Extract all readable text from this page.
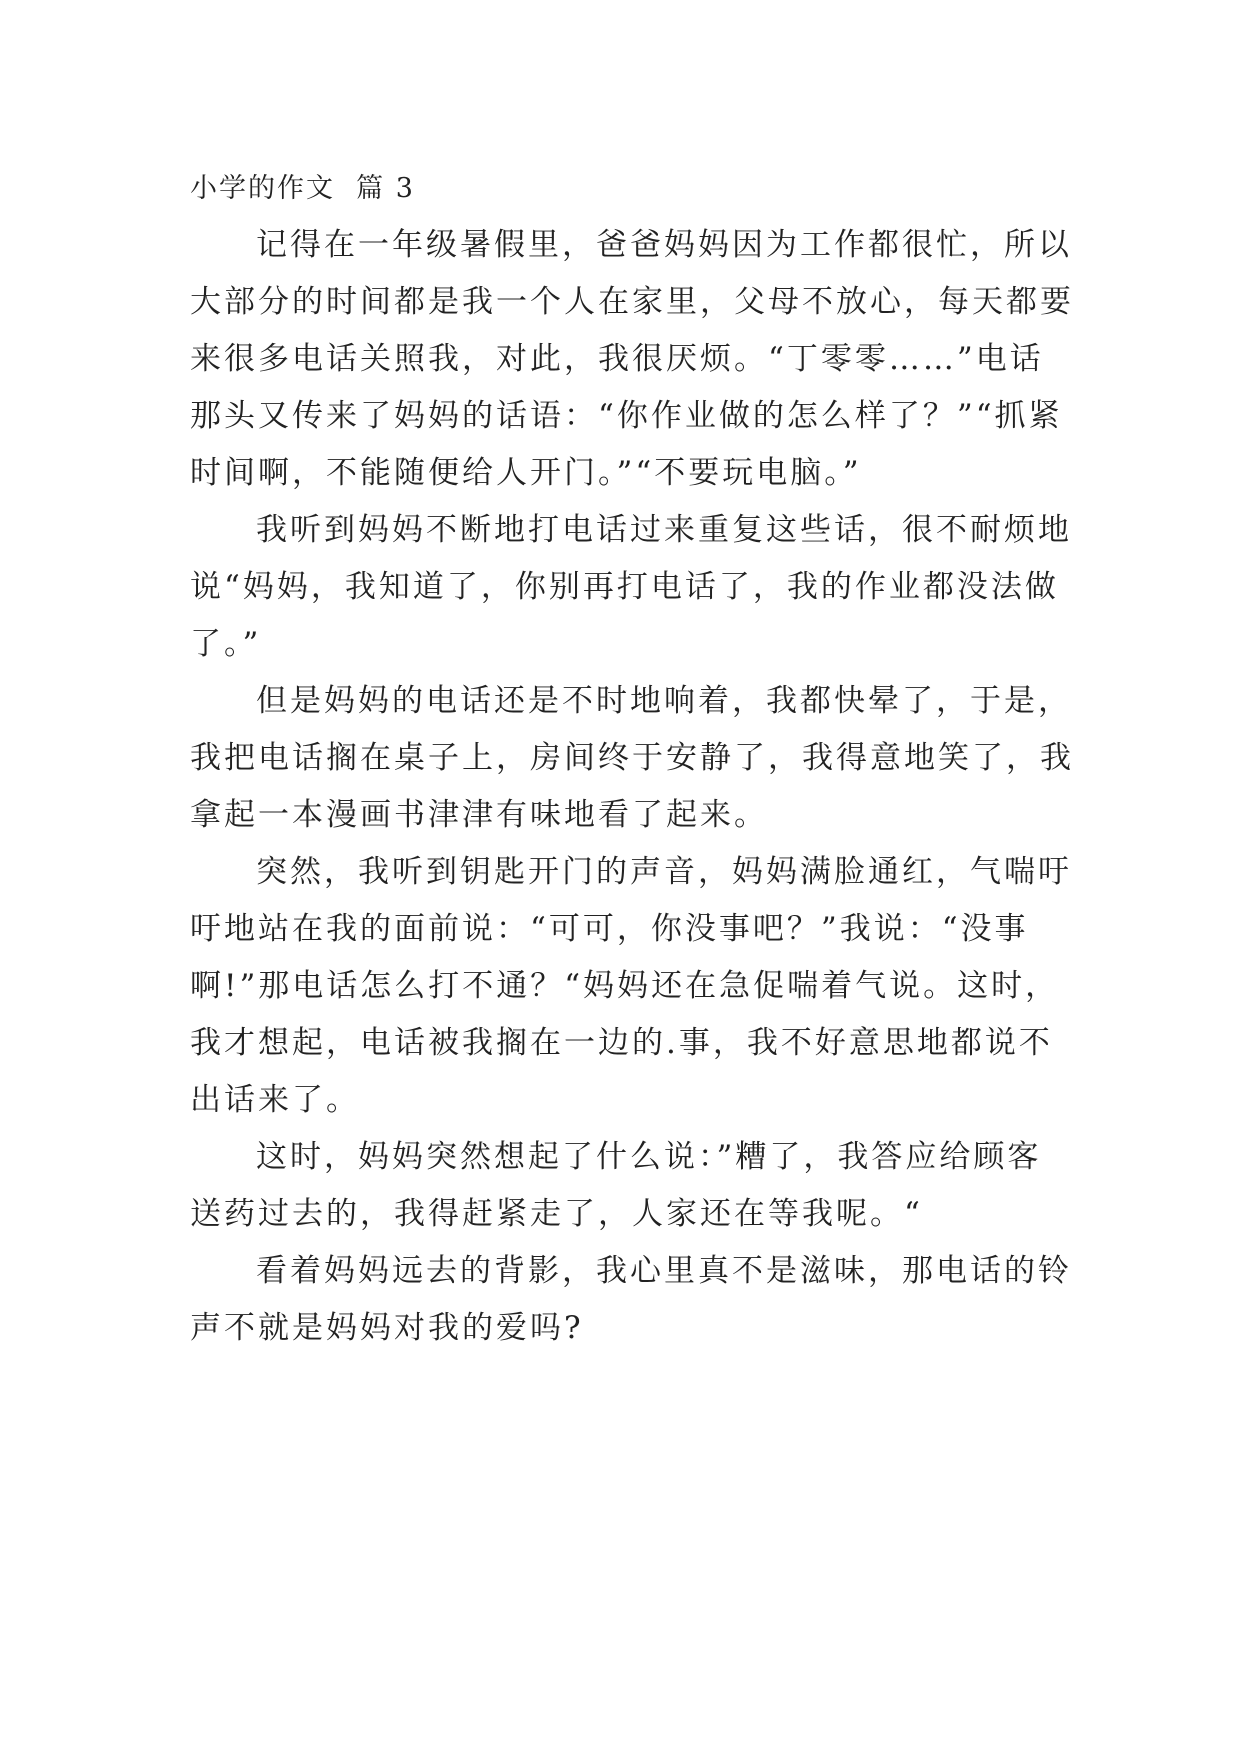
小学的作文  篇 3
记得在一年级暑假里，爸爸妈妈因为工作都很忙，所以
大部分的时间都是我一个人在家里，父母不放心，每天都要
来很多电话关照我，对此，我很厌烦。“丁零零……”电话
那头又传来了妈妈的话语：“你作业做的怎么样了？”“抓紧
时间啊，不能随便给人开门。”“不要玩电脑。”
我听到妈妈不断地打电话过来重复这些话，很不耐烦地
说“妈妈，我知道了，你别再打电话了，我的作业都没法做
了。”
但是妈妈的电话还是不时地响着，我都快晕了，于是，
我把电话搁在桌子上，房间终于安静了，我得意地笑了，我
拿起一本漫画书津津有味地看了起来。
突然，我听到钥匙开门的声音，妈妈满脸通红，气喘吁
吁地站在我的面前说：“可可，你没事吧？”我说：“没事
啊!”那电话怎么打不通？“妈妈还在急促喘着气说。这时，
我才想起，电话被我搁在一边的.事，我不好意思地都说不
出话来了。
这时，妈妈突然想起了什么说：”糟了，我答应给顾客
送药过去的，我得赶紧走了，人家还在等我呢。“
看着妈妈远去的背影，我心里真不是滋味，那电话的铃
声不就是妈妈对我的爱吗?
